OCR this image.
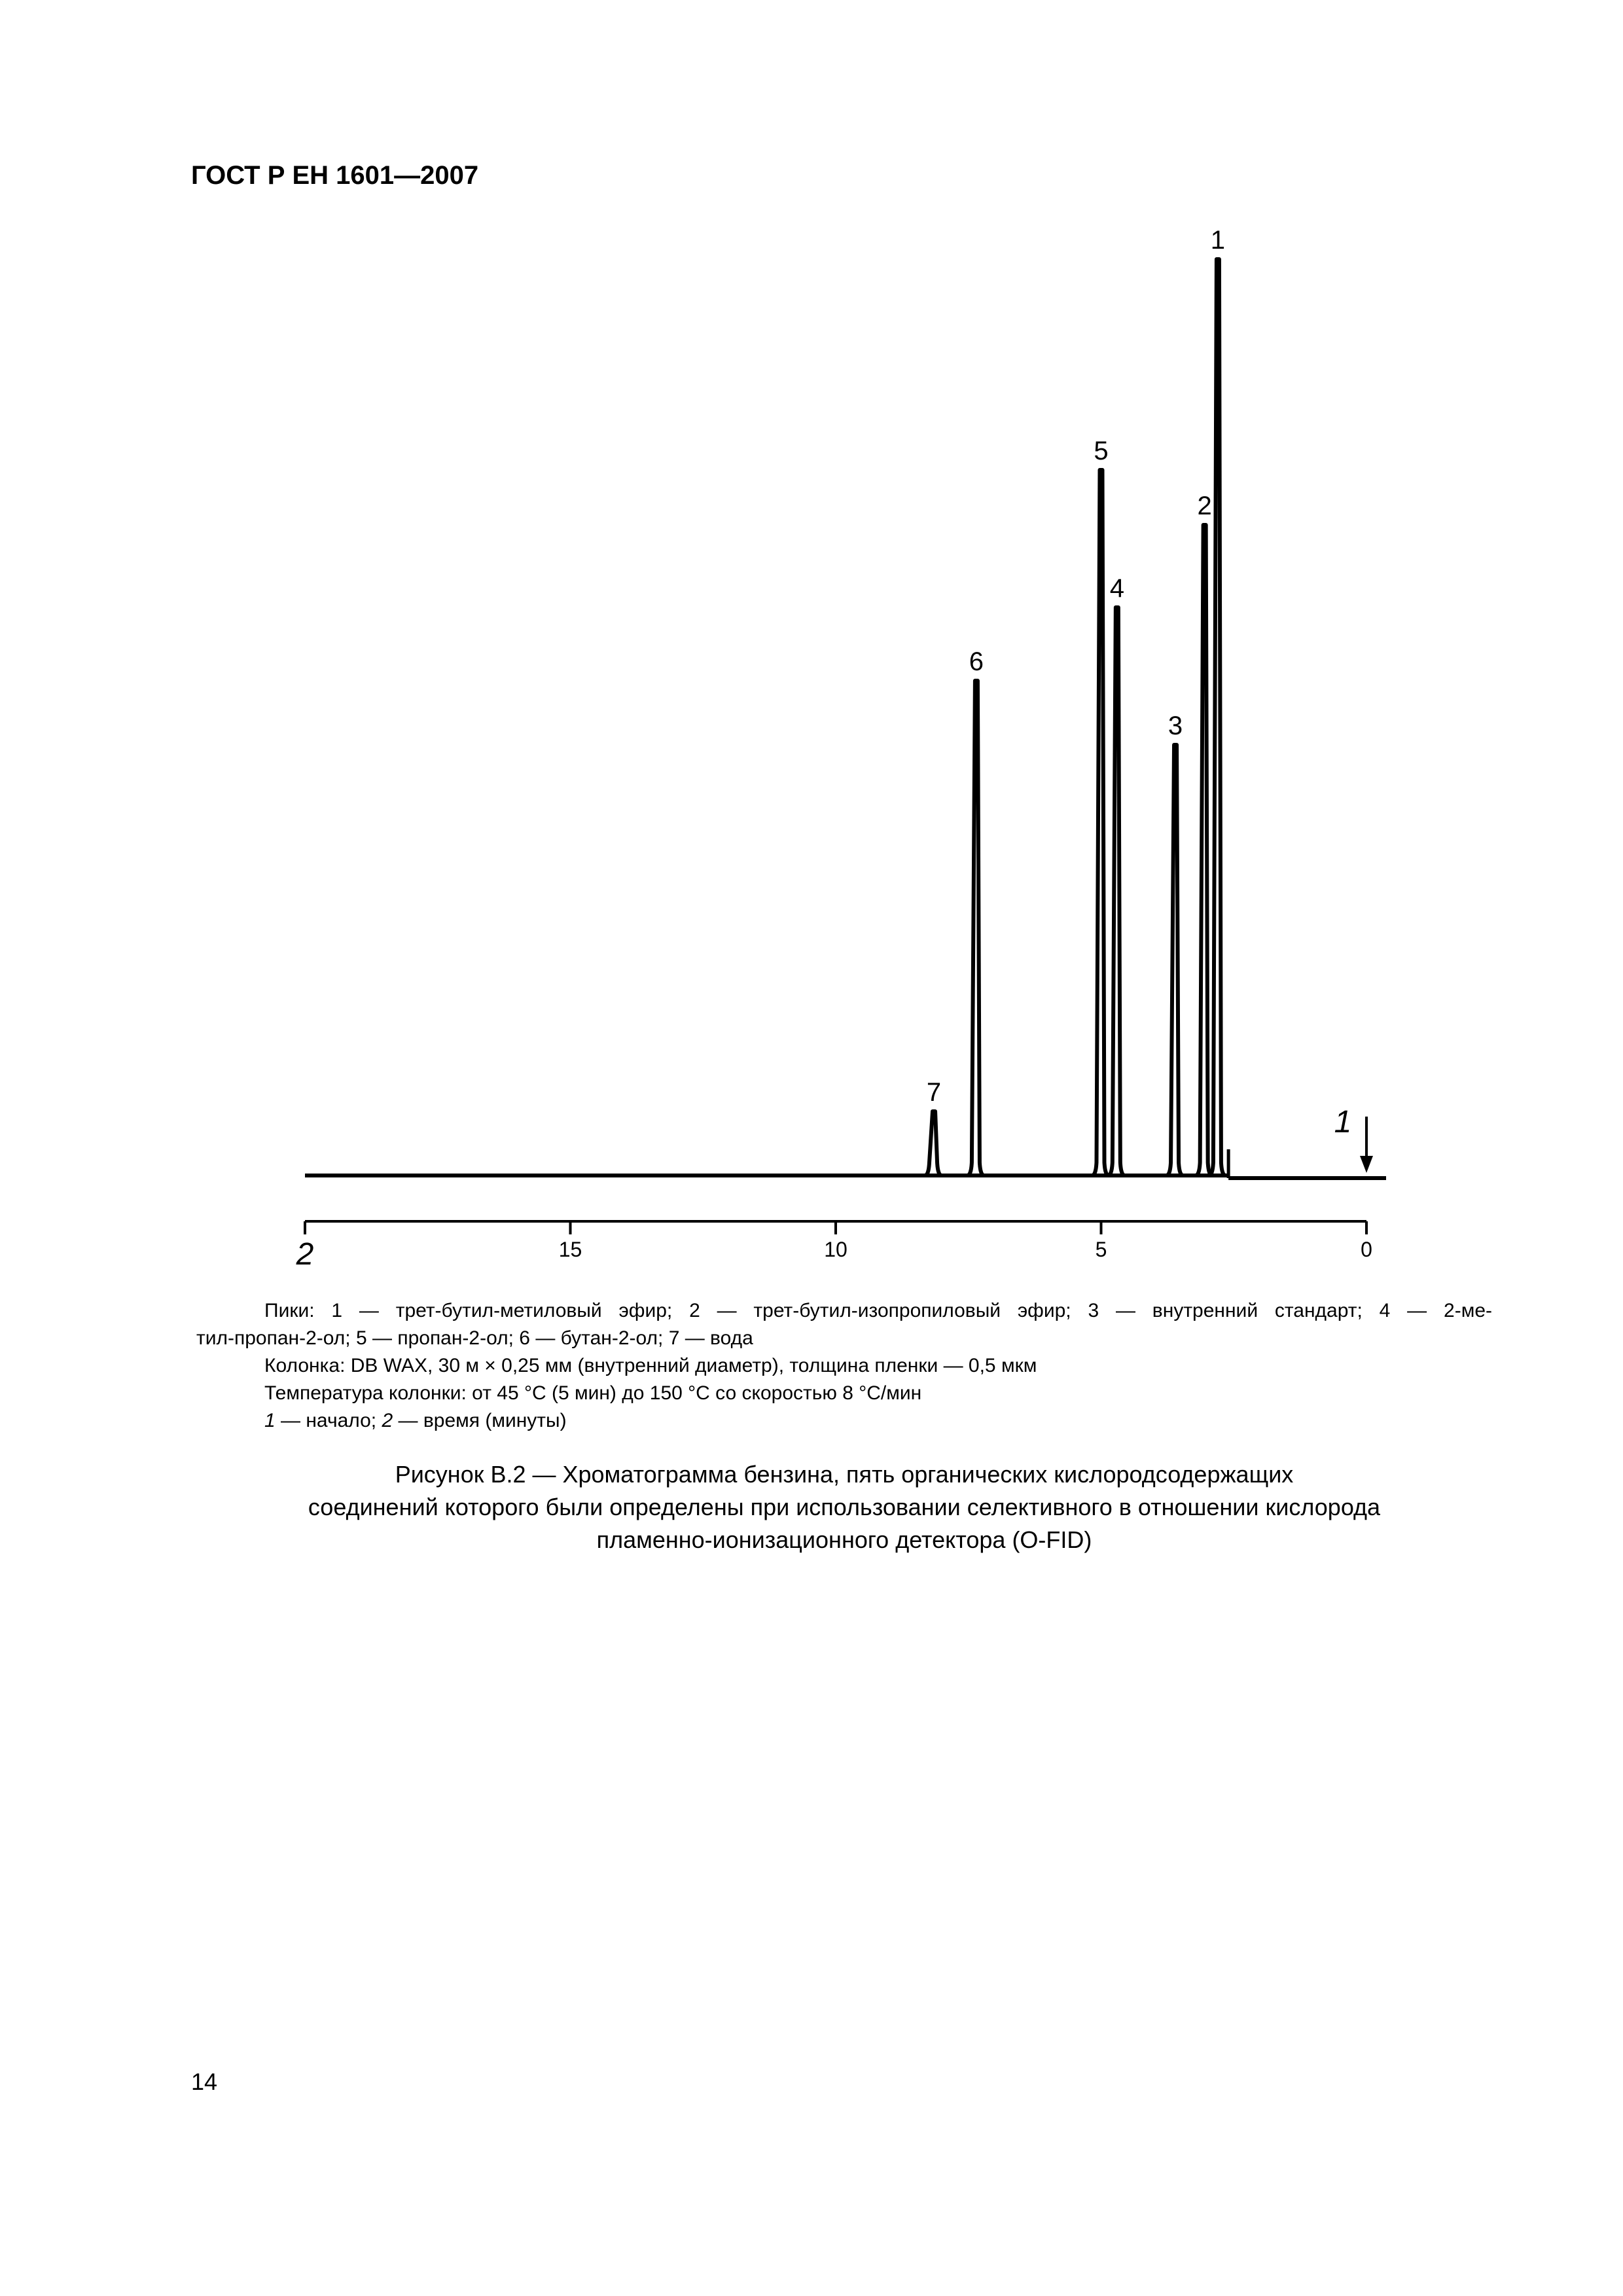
ГОСТ Р ЕН 1601—2007
1
2
3
4
5
6
7
15	10	5	0
2
1

Пики: 1 — трет-бутил-метиловый эфир; 2 — трет-бутил-изопропиловый эфир; 3 — внутренний стандарт; 4 — 2-ме-

тил-пропан-2-ол; 5 — пропан-2-ол; 6 — бутан-2-ол; 7 — вода

Колонка: DB WAX, 30 м × 0,25 мм (внутренний диаметр), толщина пленки — 0,5 мкм

Температура колонки: от 45 °С (5 мин) до 150 °С со скоростью 8 °С/мин

1 — начало; 2 — время (минуты)

Рисунок В.2 — Хроматограмма бензина, пять органических кислородсодержащих
соединений которого были определены при использовании селективного в отношении кислорода
пламенно-ионизационного детектора (O-FID)
14
